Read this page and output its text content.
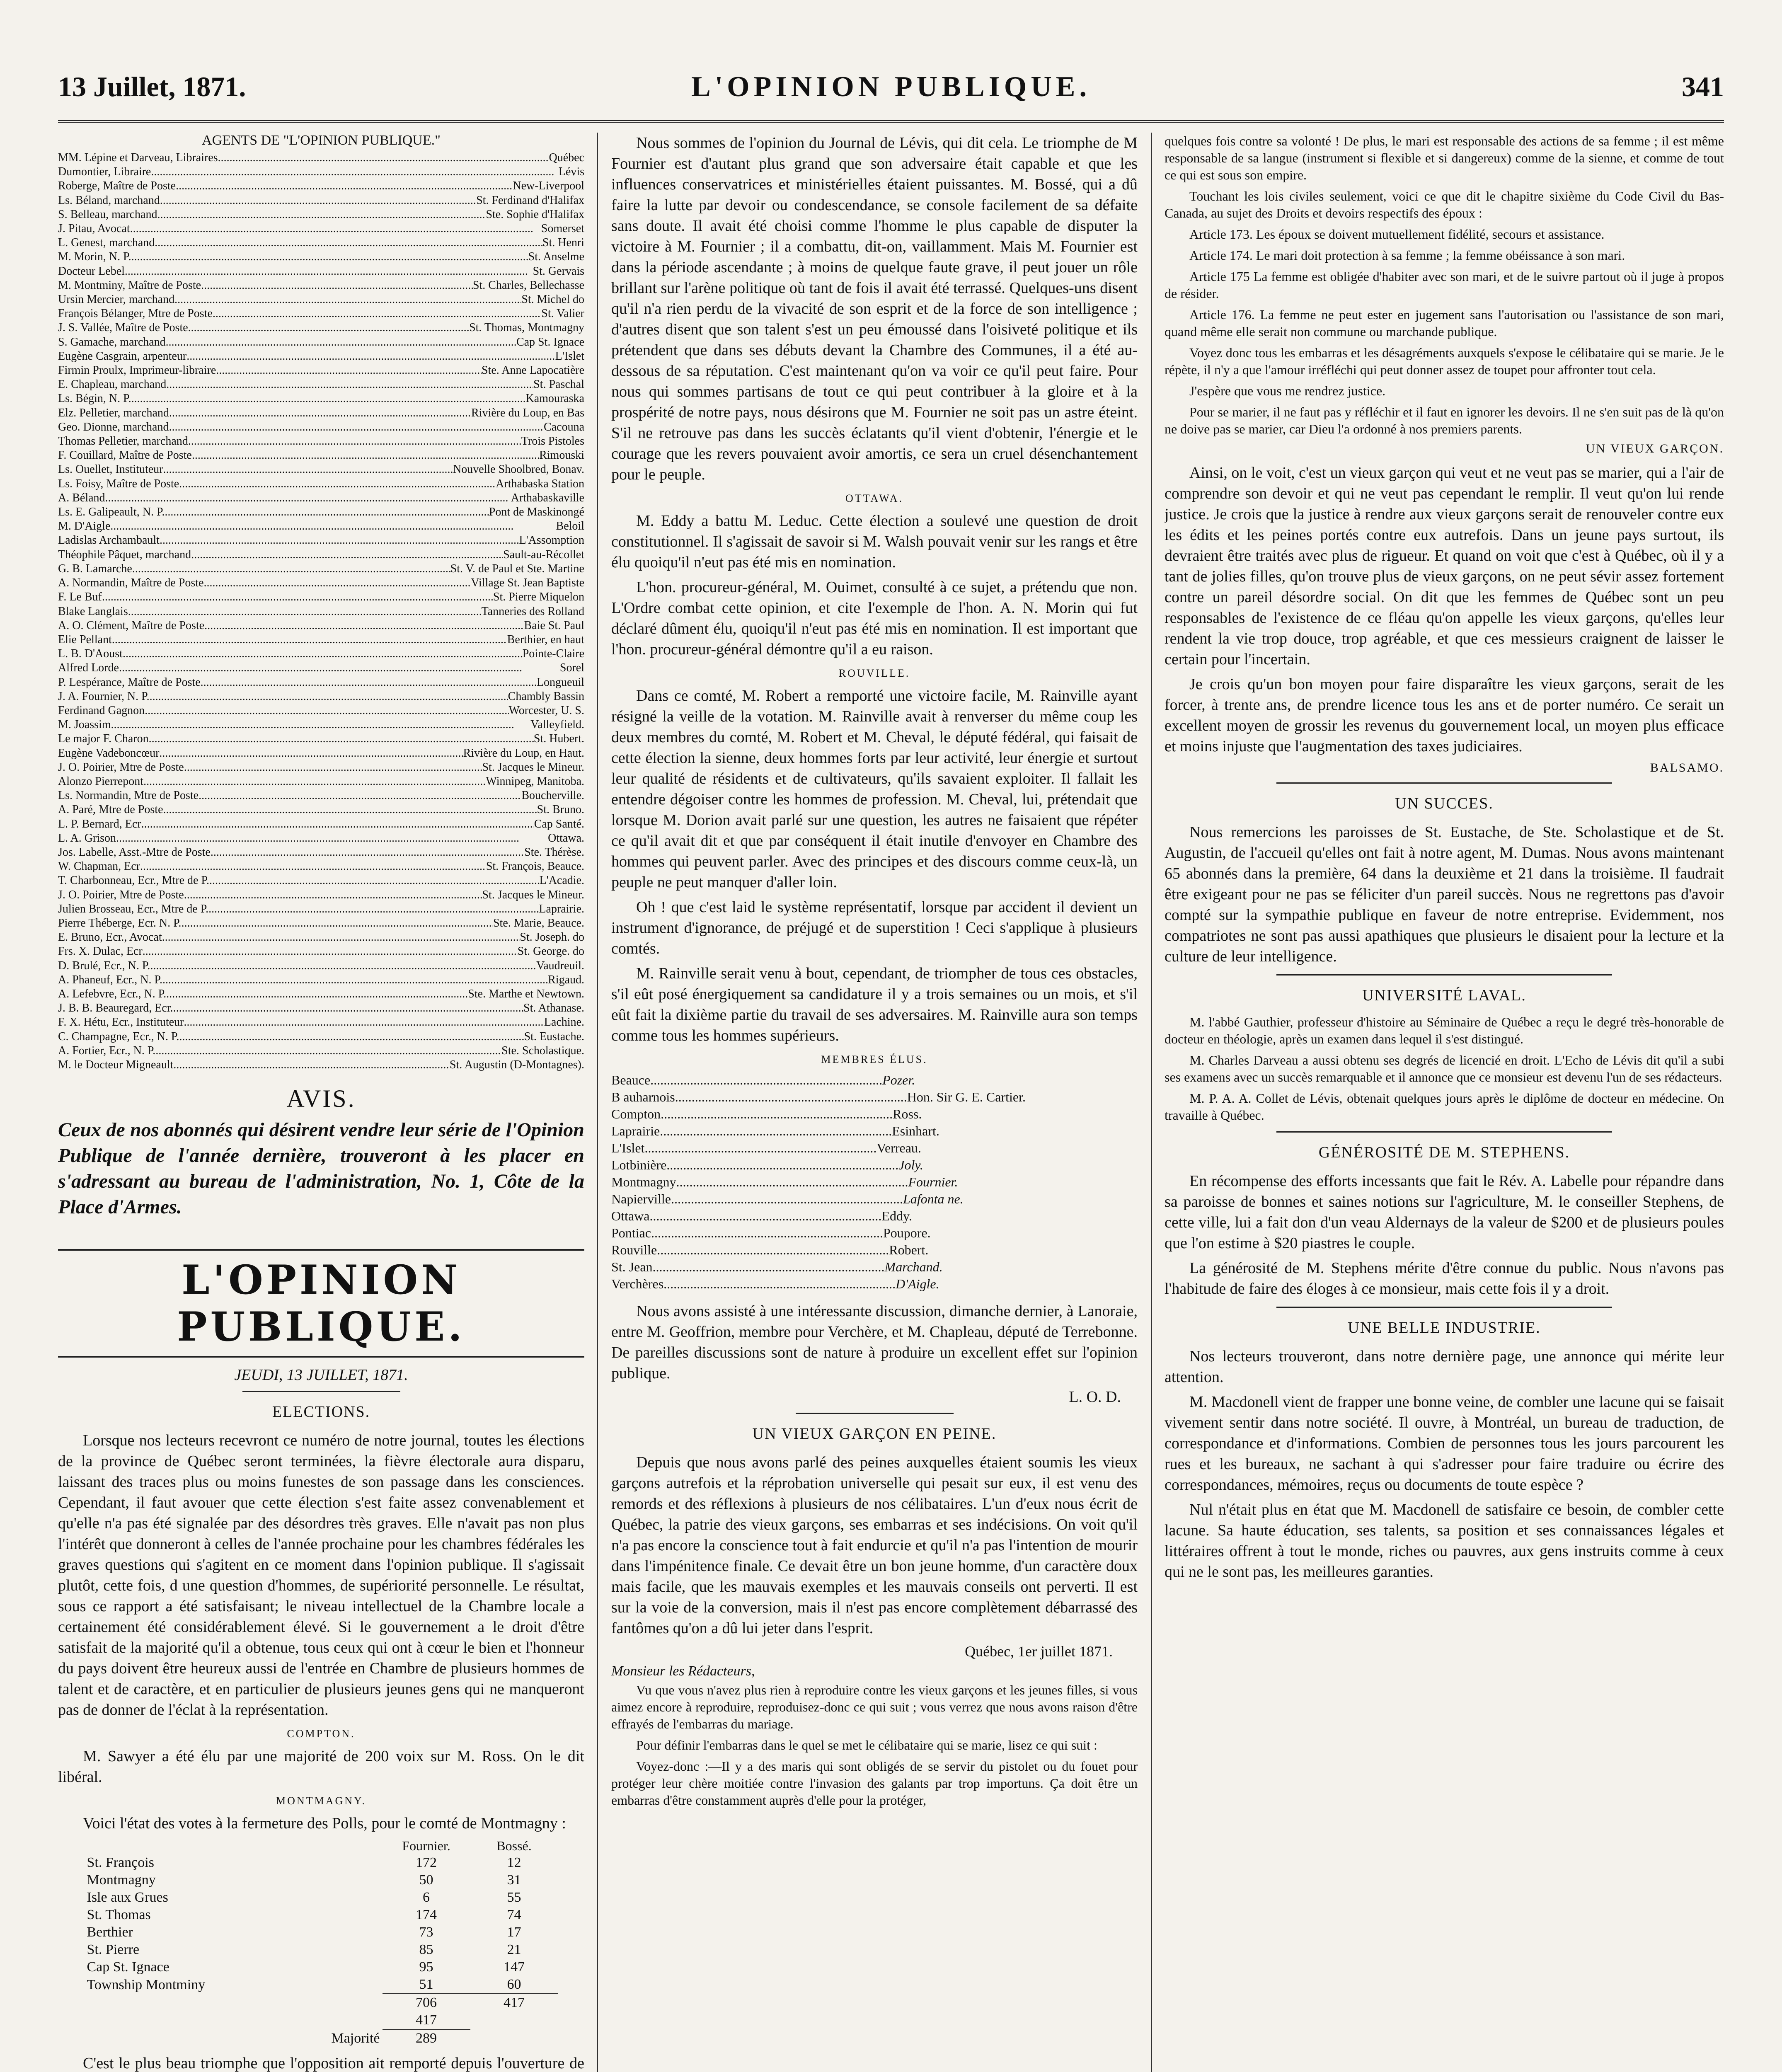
13 Juillet, 1871.	L'OPINION PUBLIQUE.	341
AGENTS DE "L'OPINION PUBLIQUE."
MM. Lépine et Darveau, Libraires .....	Québec
Dumontier, Libraire .....	Lévis
Roberge, Maître de Poste .....	New-Liverpool
Ls. Béland, marchand .....	St. Ferdinand d'Halifax
S. Belleau, marchand .....	Ste. Sophie d'Halifax
J. Pitau, Avocat .....	Somerset
L. Genest, marchand .....	St. Henri
M. Morin, N. P. .....	St. Anselme
Docteur Lebel .....	St. Gervais
M. Montminy, Maître de Poste .....	St. Charles, Bellechasse
Ursin Mercier, marchand .....	St. Michel do
François Bélanger, Mtre de Poste .....	St. Valier
J. S. Vallée, Maître de Poste .....	St. Thomas, Montmagny
S. Gamache, marchand .....	Cap St. Ignace
Eugène Casgrain, arpenteur .....	L'Islet
Firmin Proulx, Imprimeur-libraire .....	Ste. Anne Lapocatière
E. Chapleau, marchand .....	St. Paschal
Ls. Bégin, N. P. .....	Kamouraska
Elz. Pelletier, marchand .....	Rivière du Loup, en Bas
Geo. Dionne, marchand .....	Cacouna
Thomas Pelletier, marchand .....	Trois Pistoles
F. Couillard, Maître de Poste .....	Rimouski
Ls. Ouellet, Instituteur .....	Nouvelle Shoolbred, Bonav.
Ls. Foisy, Maître de Poste .....	Arthabaska Station
A. Béland .....	Arthabaskaville
Ls. E. Galipeault, N. P. .....	Pont de Maskinongé
M. D'Aigle .....	Beloil
Ladislas Archambault .....	L'Assomption
Théophile Pâquet, marchand .....	Sault-au-Récollet
G. B. Lamarche .....	St. V. de Paul et Ste. Martine
A. Normandin, Maître de Poste .....	Village St. Jean Baptiste
F. Le Buf .....	St. Pierre Miquelon
Blake Langlais .....	Tanneries des Rolland
A. O. Clément, Maître de Poste .....	Baie St. Paul
Elie Pellant .....	Berthier, en haut
L. B. D'Aoust .....	Pointe-Claire
Alfred Lorde .....	Sorel
P. Lespérance, Maître de Poste .....	Longueuil
J. A. Fournier, N. P. .....	Chambly Bassin
Ferdinand Gagnon .....	Worcester, U. S.
M. Joassim .....	Valleyfield.
Le major F. Charon .....	St. Hubert.
Eugène Vadeboncœur .....	Rivière du Loup, en Haut.
J. O. Poirier, Mtre de Poste .....	St. Jacques le Mineur.
Alonzo Pierrepont .....	Winnipeg, Manitoba.
Ls. Normandin, Mtre de Poste .....	Boucherville.
A. Paré, Mtre de Poste .....	St. Bruno.
L. P. Bernard, Ecr .....	Cap Santé.
L. A. Grison .....	Ottawa.
Jos. Labelle, Asst.-Mtre de Poste .....	Ste. Thérèse.
W. Chapman, Ecr .....	St. François, Beauce.
T. Charbonneau, Ecr., Mtre de P. .....	L'Acadie.
J. O. Poirier, Mtre de Poste .....	St. Jacques le Mineur.
Julien Brosseau, Ecr., Mtre de P. .....	Laprairie.
Pierre Théberge, Ecr. N. P. .....	Ste. Marie, Beauce.
E. Bruno, Ecr., Avocat .....	St. Joseph. do
Frs. X. Dulac, Ecr .....	St. George. do
D. Brulé, Ecr., N. P. .....	Vaudreuil.
A. Phaneuf, Ecr., N. P. .....	Rigaud.
A. Lefebvre, Ecr., N. P. .....	Ste. Marthe et Newtown.
J. B. B. Beauregard, Ecr. .....	St. Athanase.
F. X. Hétu, Ecr., Instituteur .....	Lachine.
C. Champagne, Ecr., N. P. .....	St. Eustache.
A. Fortier, Ecr., N. P. .....	Ste. Scholastique.
M. le Docteur Migneault .....	St. Augustin (D-Montagnes).
AVIS.
Ceux de nos abonnés qui désirent vendre leur série de l'Opinion Publique de l'année dernière, trouveront à les placer en s'adressant au bureau de l'administration, No. 1, Côte de la Place d'Armes.
L'OPINION PUBLIQUE.
JEUDI, 13 JUILLET, 1871.
ELECTIONS.

Lorsque nos lecteurs recevront ce numéro de notre journal, toutes les élections de la province de Québec seront terminées, la fièvre électorale aura disparu, laissant des traces plus ou moins funestes de son passage dans les consciences. Cependant, il faut avouer que cette élection s'est faite assez convenablement et qu'elle n'a pas été signalée par des désordres très graves. Elle n'avait pas non plus l'intérêt que donneront à celles de l'année prochaine pour les chambres fédérales les graves questions qui s'agitent en ce moment dans l'opinion publique. Il s'agissait plutôt, cette fois, d une question d'hommes, de supériorité personnelle. Le résultat, sous ce rapport a été satisfaisant; le niveau intellectuel de la Chambre locale a certainement été considérablement élevé. Si le gouvernement a le droit d'être satisfait de la majorité qu'il a obtenue, tous ceux qui ont à cœur le bien et l'honneur du pays doivent être heureux aussi de l'entrée en Chambre de plusieurs hommes de talent et de caractère, et en particulier de plusieurs jeunes gens qui ne manqueront pas de donner de l'éclat à la représentation.

COMPTON.

M. Sawyer a été élu par une majorité de 200 voix sur M. Ross. On le dit libéral.

MONTMAGNY.

Voici l'état des votes à la fermeture des Polls, pour le comté de Montmagny :

	Fournier.	Bossé.
St. François	172	12
Montmagny	50	31
Isle aux Grues	6	55
St. Thomas	174	74
Berthier	73	17
St. Pierre	85	21
Cap St. Ignace	95	147
Township Montminy	51	60
	706	417
	417	
Majorité	289	

C'est le plus beau triomphe que l'opposition ait remporté depuis l'ouverture de

Nous sommes de l'opinion du Journal de Lévis, qui dit cela. Le triomphe de M Fournier est d'autant plus grand que son adversaire était capable et que les influences conservatrices et ministérielles étaient puissantes. M. Bossé, qui a dû faire la lutte par devoir ou condescendance, se console facilement de sa défaite sans doute. Il avait été choisi comme l'homme le plus capable de disputer la victoire à M. Fournier ; il a combattu, dit-on, vaillamment. Mais M. Fournier est dans la période ascendante ; à moins de quelque faute grave, il peut jouer un rôle brillant sur l'arène politique où tant de fois il avait été terrassé. Quelques-uns disent qu'il n'a rien perdu de la vivacité de son esprit et de la force de son intelligence ; d'autres disent que son talent s'est un peu émoussé dans l'oisiveté politique et ils prétendent que dans ses débuts devant la Chambre des Communes, il a été au-dessous de sa réputation. C'est maintenant qu'on va voir ce qu'il peut faire. Pour nous qui sommes partisans de tout ce qui peut contribuer à la gloire et à la prospérité de notre pays, nous désirons que M. Fournier ne soit pas un astre éteint. S'il ne retrouve pas dans les succès éclatants qu'il vient d'obtenir, l'énergie et le courage que les revers pouvaient avoir amortis, ce sera un cruel désenchantement pour le peuple.

OTTAWA.

M. Eddy a battu M. Leduc. Cette élection a soulevé une question de droit constitutionnel. Il s'agissait de savoir si M. Walsh pouvait venir sur les rangs et être élu quoiqu'il n'eut pas été mis en nomination.

L'hon. procureur-général, M. Ouimet, consulté à ce sujet, a prétendu que non. L'Ordre combat cette opinion, et cite l'exemple de l'hon. A. N. Morin qui fut déclaré dûment élu, quoiqu'il n'eut pas été mis en nomination. Il est important que l'hon. procureur-général démontre qu'il a eu raison.

ROUVILLE.

Dans ce comté, M. Robert a remporté une victoire facile, M. Rainville ayant résigné la veille de la votation. M. Rainville avait à renverser du même coup les deux membres du comté, M. Robert et M. Cheval, le député fédéral, qui faisait de cette élection la sienne, deux hommes forts par leur activité, leur énergie et surtout leur qualité de résidents et de cultivateurs, qu'ils savaient exploiter. Il fallait les entendre dégoiser contre les hommes de profession. M. Cheval, lui, prétendait que lorsque M. Dorion avait parlé sur une question, les autres ne faisaient que répéter ce qu'il avait dit et que par conséquent il était inutile d'envoyer en Chambre des hommes qui peuvent parler. Avec des principes et des discours comme ceux-là, un peuple ne peut manquer d'aller loin.

Oh ! que c'est laid le système représentatif, lorsque par accident il devient un instrument d'ignorance, de préjugé et de superstition ! Ceci s'applique à plusieurs comtés.

M. Rainville serait venu à bout, cependant, de triompher de tous ces obstacles, s'il eût posé énergiquement sa candidature il y a trois semaines ou un mois, et s'il eût fait la dixième partie du travail de ses adversaires. M. Rainville aura son temps comme tous les hommes supérieurs.

MEMBRES ÉLUS.
Beauce .....	Pozer.
B auharnois .....	Hon. Sir G. E. Cartier.
Compton .....	Ross.
Laprairie .....	Esinhart.
L'Islet .....	Verreau.
Lotbinière .....	Joly.
Montmagny .....	Fournier.
Napierville .....	Lafonta ne.
Ottawa .....	Eddy.
Pontiac .....	Poupore.
Rouville .....	Robert.
St. Jean .....	Marchand.
Verchères .....	D'Aigle.

Nous avons assisté à une intéressante discussion, dimanche dernier, à Lanoraie, entre M. Geoffrion, membre pour Verchère, et M. Chapleau, député de Terrebonne. De pareilles discussions sont de nature à produire un excellent effet sur l'opinion publique.

L. O. D.
UN VIEUX GARÇON EN PEINE.

Depuis que nous avons parlé des peines auxquelles étaient soumis les vieux garçons autrefois et la réprobation universelle qui pesait sur eux, il est venu des remords et des réflexions à plusieurs de nos célibataires. L'un d'eux nous écrit de Québec, la patrie des vieux garçons, ses embarras et ses indécisions. On voit qu'il n'a pas encore la conscience tout à fait endurcie et qu'il n'a pas l'intention de mourir dans l'impénitence finale. Ce devait être un bon jeune homme, d'un caractère doux mais facile, que les mauvais exemples et les mauvais conseils ont perverti. Il est sur la voie de la conversion, mais il n'est pas encore complètement débarrassé des fantômes qu'on a dû lui jeter dans l'esprit.

Québec, 1er juillet 1871.
Monsieur les Rédacteurs,

Vu que vous n'avez plus rien à reproduire contre les vieux garçons et les jeunes filles, si vous aimez encore à reproduire, reproduisez-donc ce qui suit ; vous verrez que nous avons raison d'être effrayés de l'embarras du mariage.

Pour définir l'embarras dans le quel se met le célibataire qui se marie, lisez ce qui suit :

Voyez-donc :—Il y a des maris qui sont obligés de se servir du pistolet ou du fouet pour protéger leur chère moitiée contre l'invasion des galants par trop importuns. Ça doit être un embarras d'être constamment auprès d'elle pour la protéger,

quelques fois contre sa volonté ! De plus, le mari est responsable des actions de sa femme ; il est même responsable de sa langue (instrument si flexible et si dangereux) comme de la sienne, et comme de tout ce qui est sous son empire.

Touchant les lois civiles seulement, voici ce que dit le chapitre sixième du Code Civil du Bas-Canada, au sujet des Droits et devoirs respectifs des époux :

Article 173. Les époux se doivent mutuellement fidélité, secours et assistance.

Article 174. Le mari doit protection à sa femme ; la femme obéissance à son mari.

Article 175 La femme est obligée d'habiter avec son mari, et de le suivre partout où il juge à propos de résider.

Article 176. La femme ne peut ester en jugement sans l'autorisation ou l'assistance de son mari, quand même elle serait non commune ou marchande publique.

Voyez donc tous les embarras et les désagréments auxquels s'expose le célibataire qui se marie. Je le répète, il n'y a que l'amour irréfléchi qui peut donner assez de toupet pour affronter tout cela.

J'espère que vous me rendrez justice.

Pour se marier, il ne faut pas y réfléchir et il faut en ignorer les devoirs. Il ne s'en suit pas de là qu'on ne doive pas se marier, car Dieu l'a ordonné à nos premiers parents.

UN VIEUX GARÇON.

Ainsi, on le voit, c'est un vieux garçon qui veut et ne veut pas se marier, qui a l'air de comprendre son devoir et qui ne veut pas cependant le remplir. Il veut qu'on lui rende justice. Je crois que la justice à rendre aux vieux garçons serait de renouveler contre eux les édits et les peines portés contre eux autrefois. Dans un jeune pays surtout, ils devraient être traités avec plus de rigueur. Et quand on voit que c'est à Québec, où il y a tant de jolies filles, qu'on trouve plus de vieux garçons, on ne peut sévir assez fortement contre un pareil désordre social. On dit que les femmes de Québec sont un peu responsables de l'existence de ce fléau qu'on appelle les vieux garçons, qu'elles leur rendent la vie trop douce, trop agréable, et que ces messieurs craignent de laisser le certain pour l'incertain.

Je crois qu'un bon moyen pour faire disparaître les vieux garçons, serait de les forcer, à trente ans, de prendre licence tous les ans et de porter numéro. Ce serait un excellent moyen de grossir les revenus du gouvernement local, un moyen plus efficace et moins injuste que l'augmentation des taxes judiciaires.

BALSAMO.
UN SUCCES.

Nous remercions les paroisses de St. Eustache, de Ste. Scholastique et de St. Augustin, de l'accueil qu'elles ont fait à notre agent, M. Dumas. Nous avons maintenant 65 abonnés dans la première, 64 dans la deuxième et 21 dans la troisième. Il faudrait être exigeant pour ne pas se féliciter d'un pareil succès. Nous ne regrettons pas d'avoir compté sur la sympathie publique en faveur de notre entreprise. Evidemment, nos compatriotes ne sont pas aussi apathiques que plusieurs le disaient pour la lecture et la culture de leur intelligence.

UNIVERSITÉ LAVAL.

M. l'abbé Gauthier, professeur d'histoire au Séminaire de Québec a reçu le degré très-honorable de docteur en théologie, après un examen dans lequel il s'est distingué.

M. Charles Darveau a aussi obtenu ses degrés de licencié en droit. L'Echo de Lévis dit qu'il a subi ses examens avec un succès remarquable et il annonce que ce monsieur est devenu l'un de ses rédacteurs.

M. P. A. A. Collet de Lévis, obtenait quelques jours après le diplôme de docteur en médecine. On travaille à Québec.

GÉNÉROSITÉ DE M. STEPHENS.

En récompense des efforts incessants que fait le Rév. A. Labelle pour répandre dans sa paroisse de bonnes et saines notions sur l'agriculture, M. le conseiller Stephens, de cette ville, lui a fait don d'un veau Aldernays de la valeur de $200 et de plusieurs poules que l'on estime à $20 piastres le couple.

La générosité de M. Stephens mérite d'être connue du public. Nous n'avons pas l'habitude de faire des éloges à ce monsieur, mais cette fois il y a droit.

UNE BELLE INDUSTRIE.

Nos lecteurs trouveront, dans notre dernière page, une annonce qui mérite leur attention.

M. Macdonell vient de frapper une bonne veine, de combler une lacune qui se faisait vivement sentir dans notre société. Il ouvre, à Montréal, un bureau de traduction, de correspondance et d'informations. Combien de personnes tous les jours parcourent les rues et les bureaux, ne sachant à qui s'adresser pour faire traduire ou écrire des correspondances, mémoires, reçus ou documents de toute espèce ?

Nul n'était plus en état que M. Macdonell de satisfaire ce besoin, de combler cette lacune. Sa haute éducation, ses talents, sa position et ses connaissances légales et littéraires offrent à tout le monde, riches ou pauvres, aux gens instruits comme à ceux qui ne le sont pas, les meilleures garanties.
